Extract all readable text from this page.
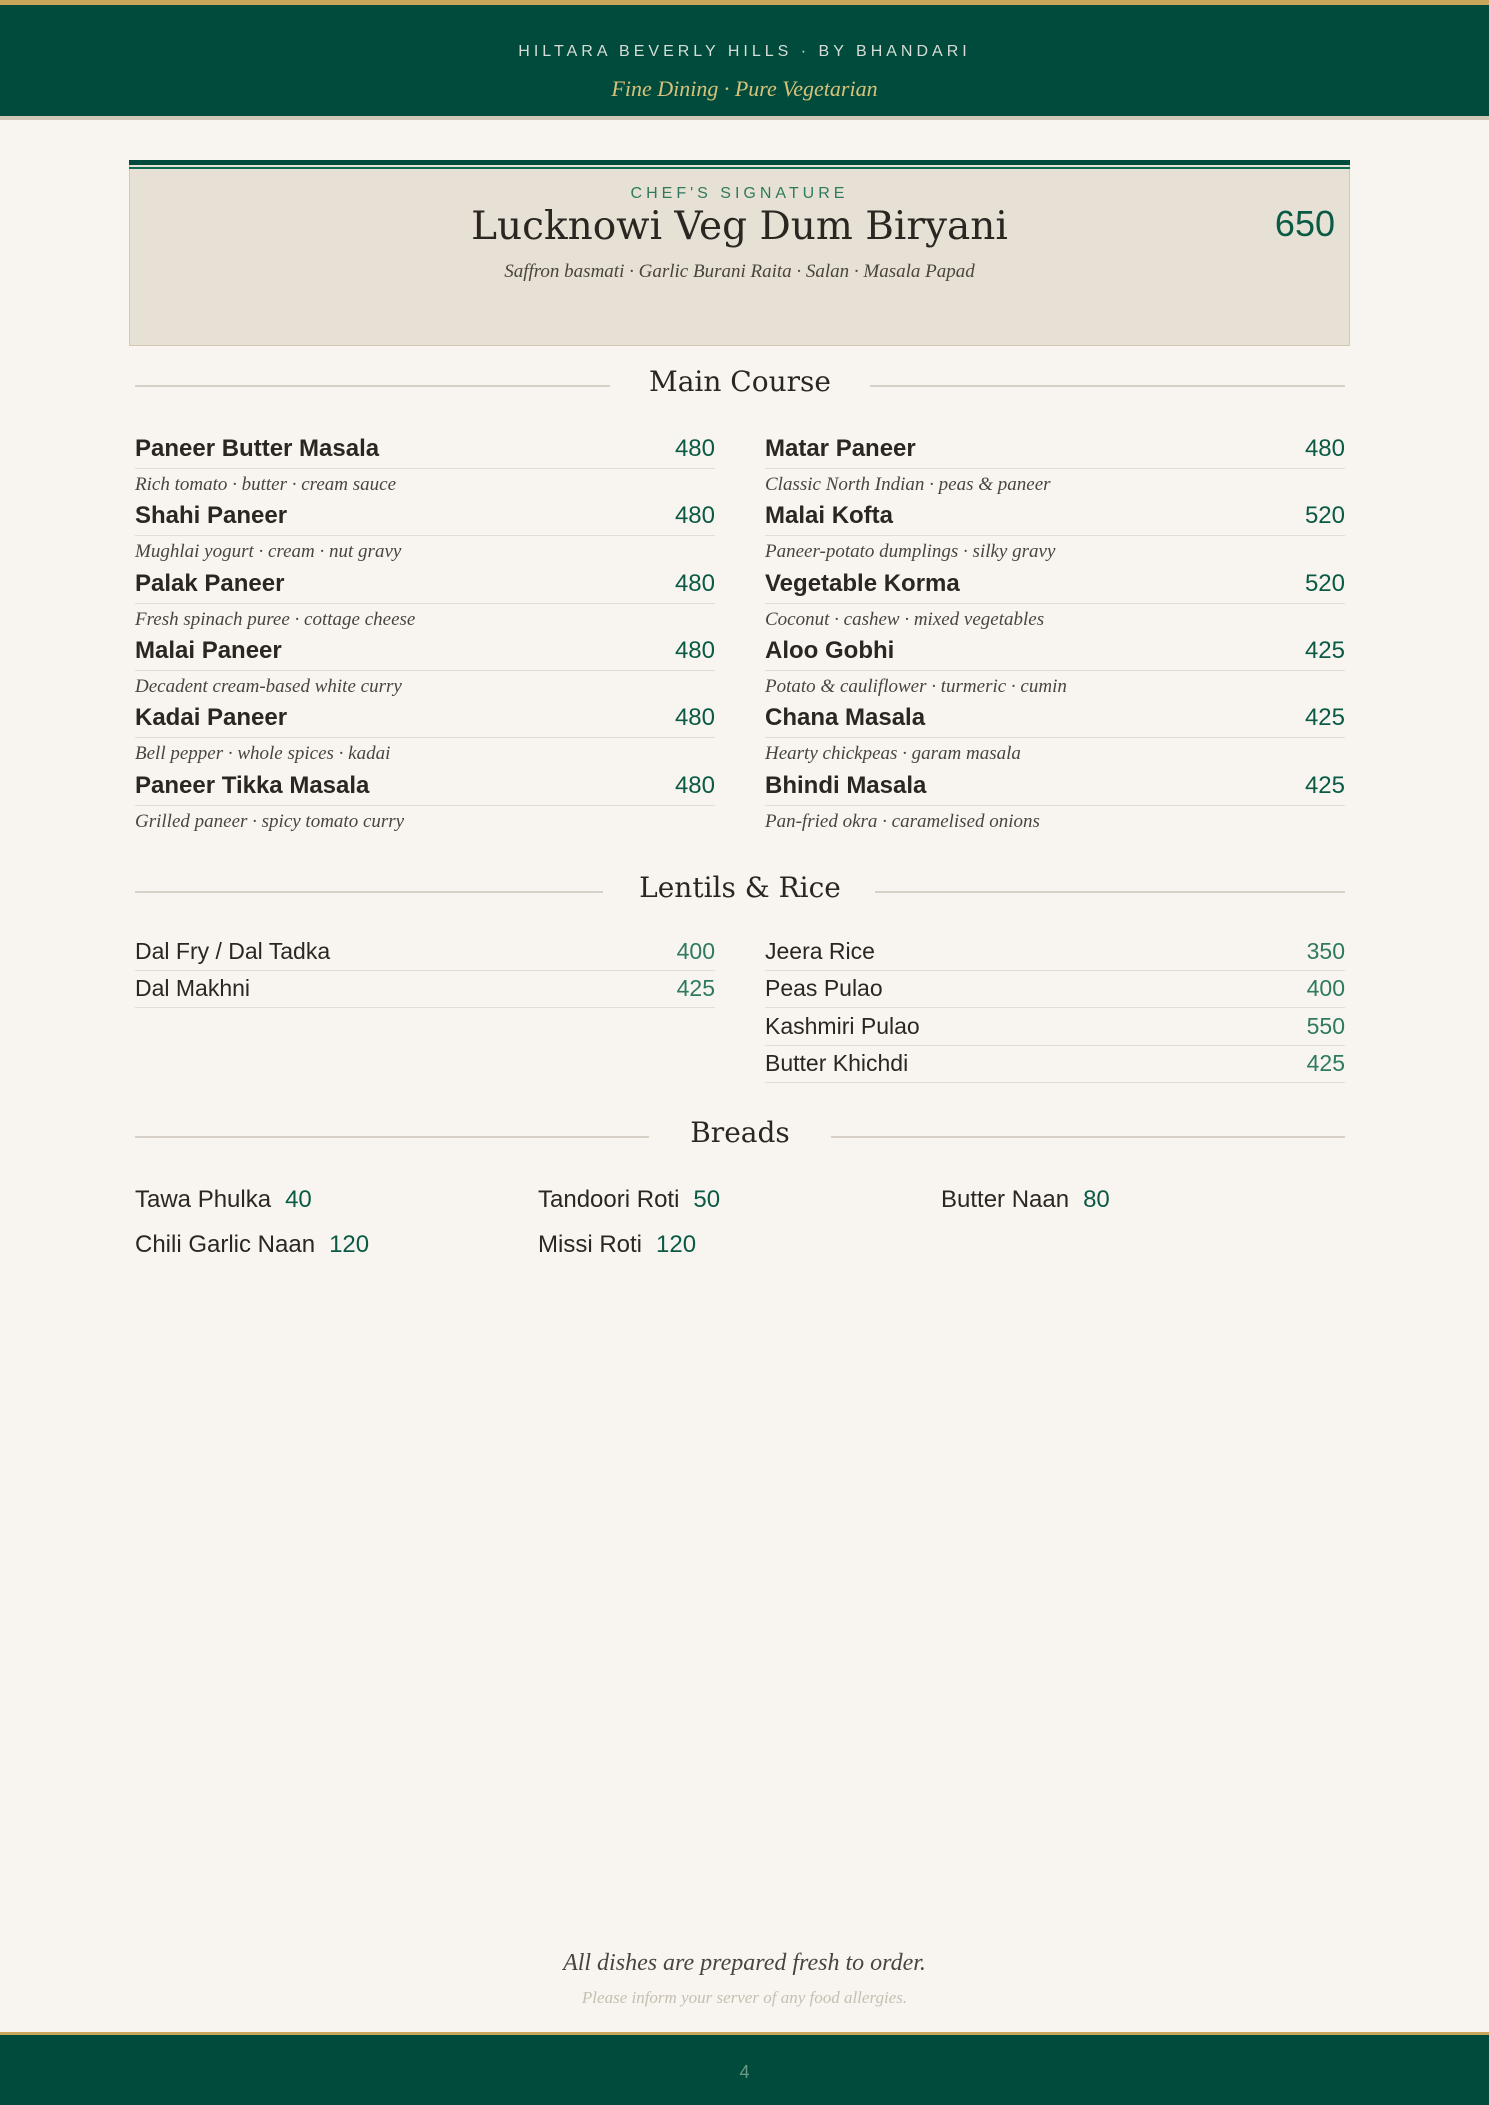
HILTARA BEVERLY HILLS · BY BHANDARI
Fine Dining · Pure Vegetarian
CHEF'S SIGNATURE
Lucknowi Veg Dum Biryani
Saffron basmati · Garlic Burani Raita · Salan · Masala Papad
650
Main Course
Paneer Butter Masala	480
Rich tomato · butter · cream sauce
Shahi Paneer	480
Mughlai yogurt · cream · nut gravy
Palak Paneer	480
Fresh spinach puree · cottage cheese
Malai Paneer	480
Decadent cream-based white curry
Kadai Paneer	480
Bell pepper · whole spices · kadai
Paneer Tikka Masala	480
Grilled paneer · spicy tomato curry
Matar Paneer	480
Classic North Indian · peas & paneer
Malai Kofta	520
Paneer-potato dumplings · silky gravy
Vegetable Korma	520
Coconut · cashew · mixed vegetables
Aloo Gobhi	425
Potato & cauliflower · turmeric · cumin
Chana Masala	425
Hearty chickpeas · garam masala
Bhindi Masala	425
Pan-fried okra · caramelised onions
Lentils & Rice
Dal Fry / Dal Tadka	400
Dal Makhni	425
Jeera Rice	350
Peas Pulao	400
Kashmiri Pulao	550
Butter Khichdi	425
Breads
Tawa Phulka 40	Tandoori Roti 50	Butter Naan 80
Chili Garlic Naan 120	Missi Roti 120
All dishes are prepared fresh to order.
Please inform your server of any food allergies.
4
